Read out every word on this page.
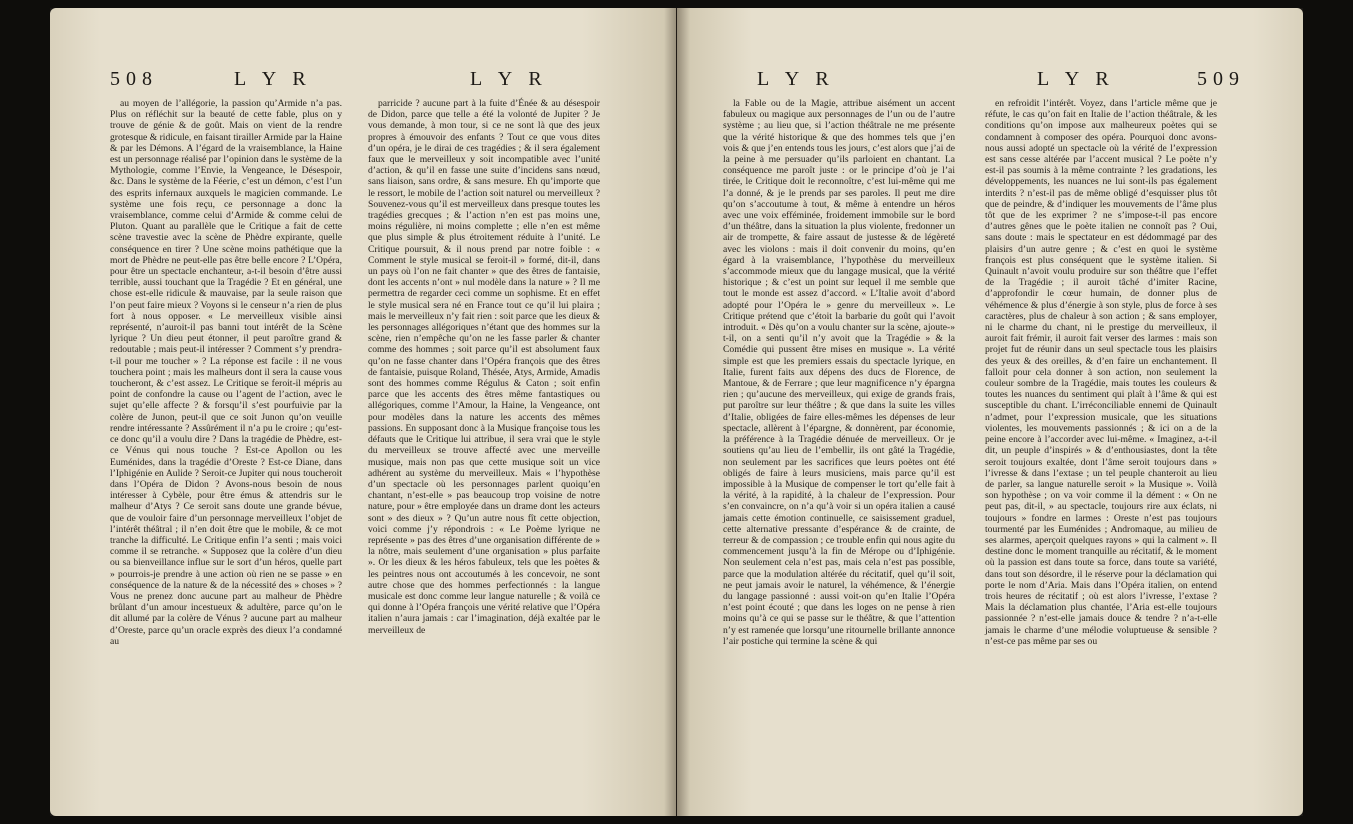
508	L Y R	L Y R

au moyen de l’allégorie, la passion qu’Armide n’a pas. Plus on réfléchit sur la beauté de cette fable, plus on y trouve de génie & de goût. Mais on vient de la rendre grotesque & ridicule, en faisant tirailler Armide par la Haine & par les Démons. A l’égard de la vraisemblance, la Haine est un personnage réalisé par l’opinion dans le système de la Mythologie, comme l’Envie, la Vengeance, le Désespoir, &c. Dans le système de la Féerie, c’est un démon, c’est l’un des esprits infernaux auxquels le magicien commande. Le système une fois reçu, ce personnage a donc la vraisemblance, comme celui d’Armide & comme celui de Pluton. Quant au parallèle que le Critique a fait de cette scène travestie avec la scène de Phèdre expirante, quelle conséquence en tirer ? Une scène moins pathétique que la mort de Phèdre ne peut-elle pas être belle encore ? L’Opéra, pour être un spectacle enchanteur, a-t-il besoin d’être aussi terrible, aussi touchant que la Tragédie ? Et en général, une chose est-elle ridicule & mauvaise, par la seule raison que l’on peut faire mieux ? Voyons si le censeur n’a rien de plus fort à nous opposer. « Le merveilleux visible ainsi représenté, n’auroit-il pas banni tout intérêt de la Scène lyrique ? Un dieu peut étonner, il peut paroître grand & redoutable ; mais peut-il intéresser ? Comment s’y prendra-t-il pour me toucher » ? La réponse est facile : il ne vous touchera point ; mais les malheurs dont il sera la cause vous toucheront, & c’est assez. Le Critique se feroit-il mépris au point de confondre la cause ou l’agent de l’action, avec le sujet qu’elle affecte ? & forsqu’il s’est pourfuivie par la colère de Junon, peut-il que ce soit Junon qu’on veuille rendre intéressante ? Assûrément il n’a pu le croire ; qu’est-ce donc qu’il a voulu dire ? Dans la tragédie de Phèdre, est-ce Vénus qui nous touche ? Est-ce Apollon ou les Euménides, dans la tragédie d’Oreste ? Est-ce Diane, dans l’Iphigénie en Aulide ? Seroit-ce Jupiter qui nous toucheroit dans l’Opéra de Didon ? Avons-nous besoin de nous intéresser à Cybèle, pour être émus & attendris sur le malheur d’Atys ? Ce seroit sans doute une grande bévue, que de vouloir faire d’un personnage merveilleux l’objet de l’intérêt théâtral ; il n’en doit être que le mobile, & ce mot tranche la difficulté. Le Critique enfin l’a senti ; mais voici comme il se retranche. « Supposez que la colère d’un dieu ou sa bienveillance influe sur le sort d’un héros, quelle part » pourrois-je prendre à une action où rien ne se passe » en conséquence de la nature & de la nécessité des » choses » ? Vous ne prenez donc aucune part au malheur de Phèdre brûlant d’un amour incestueux & adultère, parce qu’on le dit allumé par la colère de Vénus ? aucune part au malheur d’Oreste, parce qu’un oracle exprès des dieux l’a condamné au

parricide ? aucune part à la fuite d’Énée & au désespoir de Didon, parce que telle a été la volonté de Jupiter ? Je vous demande, à mon tour, si ce ne sont là que des jeux propres à émouvoir des enfants ? Tout ce que vous dites d’un opéra, je le dirai de ces tragédies ; & il sera également faux que le merveilleux y soit incompatible avec l’unité d’action, & qu’il en fasse une suite d’incidens sans nœud, sans liaison, sans ordre, & sans mesure. Eh qu’importe que le ressort, le mobile de l’action soit naturel ou merveilleux ? Souvenez-vous qu’il est merveilleux dans presque toutes les tragédies grecques ; & l’action n’en est pas moins une, moins régulière, ni moins complette ; elle n’en est même que plus simple & plus étroitement réduite à l’unité. Le Critique poursuit, & il nous prend par notre foible : « Comment le style musical se feroit-il » formé, dit-il, dans un pays où l’on ne fait chanter » que des êtres de fantaisie, dont les accents n’ont » nul modèle dans la nature » ? Il me permettra de regarder ceci comme un sophisme. Et en effet le style musical sera né en France tout ce qu’il lui plaira ; mais le merveilleux n’y fait rien : soit parce que les dieux & les personnages allégoriques n’étant que des hommes sur la scène, rien n’empêche qu’on ne les fasse parler & chanter comme des hommes ; soit parce qu’il est absolument faux qu’on ne fasse chanter dans l’Opéra françois que des êtres de fantaisie, puisque Roland, Thésée, Atys, Armide, Amadis sont des hommes comme Régulus & Caton ; soit enfin parce que les accents des êtres même fantastiques ou allégoriques, comme l’Amour, la Haine, la Vengeance, ont pour modèles dans la nature les accents des mêmes passions. En supposant donc à la Musique françoise tous les défauts que le Critique lui attribue, il sera vrai que le style du merveilleux se trouve affecté avec une merveille musique, mais non pas que cette musique soit un vice adhérent au système du merveilleux. Mais « l’hypothèse d’un spectacle où les personnages parlent quoiqu’en chantant, n’est-elle » pas beaucoup trop voisine de notre nature, pour » être employée dans un drame dont les acteurs sont » des dieux » ? Qu’un autre nous fît cette objection, voici comme j’y répondrois : « Le Poème lyrique ne représente » pas des êtres d’une organisation différente de » la nôtre, mais seulement d’une organisation » plus parfaite ». Or les dieux & les héros fabuleux, tels que les poètes & les peintres nous ont accoutumés à les concevoir, ne sont autre chose que des hommes perfectionnés : la langue musicale est donc comme leur langue naturelle ; & voilà ce qui donne à l’Opéra françois une vérité relative que l’Opéra italien n’aura jamais : car l’imagination, déjà exaltée par le merveilleux de

L Y R	L Y R	509

la Fable ou de la Magie, attribue aisément un accent fabuleux ou magique aux personnages de l’un ou de l’autre système ; au lieu que, si l’action théâtrale ne me présente que la vérité historique & que des hommes tels que j’en vois & que j’en entends tous les jours, c’est alors que j’ai de la peine à me persuader qu’ils parloient en chantant. La conséquence me paroît juste : or le principe d’où je l’ai tirée, le Critique doit le reconnoître, c’est lui-même qui me l’a donné, & je le prends par ses paroles. Il peut me dire qu’on s’accoutume à tout, & même à entendre un héros avec une voix efféminée, froidement immobile sur le bord d’un théâtre, dans la situation la plus violente, fredonner un air de trompette, & faire assaut de justesse & de légèreté avec les violons : mais il doit convenir du moins, qu’en égard à la vraisemblance, l’hypothèse du merveilleux s’accommode mieux que du langage musical, que la vérité historique ; & c’est un point sur lequel il me semble que tout le monde est assez d’accord. « L’Italie avoit d’abord adopté pour l’Opéra le » genre du merveilleux ». Le Critique prétend que c’étoit la barbarie du goût qui l’avoit introduit. « Dès qu’on a voulu chanter sur la scène, ajoute-» t-il, on a senti qu’il n’y avoit que la Tragédie » & la Comédie qui pussent être mises en musique ». La vérité simple est que les premiers essais du spectacle lyrique, en Italie, furent faits aux dépens des ducs de Florence, de Mantoue, & de Ferrare ; que leur magnificence n’y épargna rien ; qu’aucune des merveilleux, qui exige de grands frais, put paroître sur leur théâtre ; & que dans la suite les villes d’Italie, obligées de faire elles-mêmes les dépenses de leur spectacle, allèrent à l’épargne, & donnèrent, par économie, la préférence à la Tragédie dénuée de merveilleux. Or je soutiens qu’au lieu de l’embellir, ils ont gâté la Tragédie, non seulement par les sacrifices que leurs poètes ont été obligés de faire à leurs musiciens, mais parce qu’il est impossible à la Musique de compenser le tort qu’elle fait à la vérité, à la rapidité, à la chaleur de l’expression. Pour s’en convaincre, on n’a qu’à voir si un opéra italien a causé jamais cette émotion continuelle, ce saisissement graduel, cette alternative pressante d’espérance & de crainte, de terreur & de compassion ; ce trouble enfin qui nous agite du commencement jusqu’à la fin de Mérope ou d’Iphigénie. Non seulement cela n’est pas, mais cela n’est pas possible, parce que la modulation altérée du récitatif, quel qu’il soit, ne peut jamais avoir le naturel, la véhémence, & l’énergie du langage passionné : aussi voit-on qu’en Italie l’Opéra n’est point écouté ; que dans les loges on ne pense à rien moins qu’à ce qui se passe sur le théâtre, & que l’attention n’y est ramenée que lorsqu’une ritournelle brillante annonce l’air postiche qui termine la scène & qui

en refroidit l’intérêt. Voyez, dans l’article même que je réfute, le cas qu’on fait en Italie de l’action théâtrale, & les conditions qu’on impose aux malheureux poètes qui se condamnent à composer des opéra. Pourquoi donc avons-nous aussi adopté un spectacle où la vérité de l’expression est sans cesse altérée par l’accent musical ? Le poète n’y est-il pas soumis à la même contrainte ? les gradations, les développements, les nuances ne lui sont-ils pas également interdits ? n’est-il pas de même obligé d’esquisser plus tôt que de peindre, & d’indiquer les mouvements de l’âme plus tôt que de les exprimer ? ne s’impose-t-il pas encore d’autres gênes que le poète italien ne connoît pas ? Oui, sans doute : mais le spectateur en est dédommagé par des plaisirs d’un autre genre ; & c’est en quoi le système françois est plus conséquent que le système italien. Si Quinault n’avoit voulu produire sur son théâtre que l’effet de la Tragédie ; il auroit tâché d’imiter Racine, d’approfondir le cœur humain, de donner plus de véhémence & plus d’énergie à son style, plus de force à ses caractères, plus de chaleur à son action ; & sans employer, ni le charme du chant, ni le prestige du merveilleux, il auroit fait frémir, il auroit fait verser des larmes : mais son projet fut de réunir dans un seul spectacle tous les plaisirs des yeux & des oreilles, & d’en faire un enchantement. Il falloit pour cela donner à son action, non seulement la couleur sombre de la Tragédie, mais toutes les couleurs & toutes les nuances du sentiment qui plaît à l’âme & qui est susceptible du chant. L’irréconciliable ennemi de Quinault n’admet, pour l’expression musicale, que les situations violentes, les mouvements passionnés ; & ici on a de la peine encore à l’accorder avec lui-même. « Imaginez, a-t-il dit, un peuple d’inspirés » & d’enthousiastes, dont la tête seroit toujours exaltée, dont l’âme seroit toujours dans » l’ivresse & dans l’extase ; un tel peuple chanteroit au lieu de parler, sa langue naturelle seroit » la Musique ». Voilà son hypothèse ; on va voir comme il la dément : « On ne peut pas, dit-il, » au spectacle, toujours rire aux éclats, ni toujours » fondre en larmes : Oreste n’est pas toujours tourmenté par les Euménides ; Andromaque, au milieu de ses alarmes, aperçoit quelques rayons » qui la calment ». Il destine donc le moment tranquille au récitatif, & le moment où la passion est dans toute sa force, dans toute sa variété, dans tout son désordre, il le réserve pour la déclamation qui porte le nom d’Aria. Mais dans l’Opéra italien, on entend trois heures de récitatif ; où est alors l’ivresse, l’extase ? Mais la déclamation plus chantée, l’Aria est-elle toujours passionnée ? n’est-elle jamais douce & tendre ? n’a-t-elle jamais le charme d’une mélodie voluptueuse & sensible ? n’est-ce pas même par ses ou
